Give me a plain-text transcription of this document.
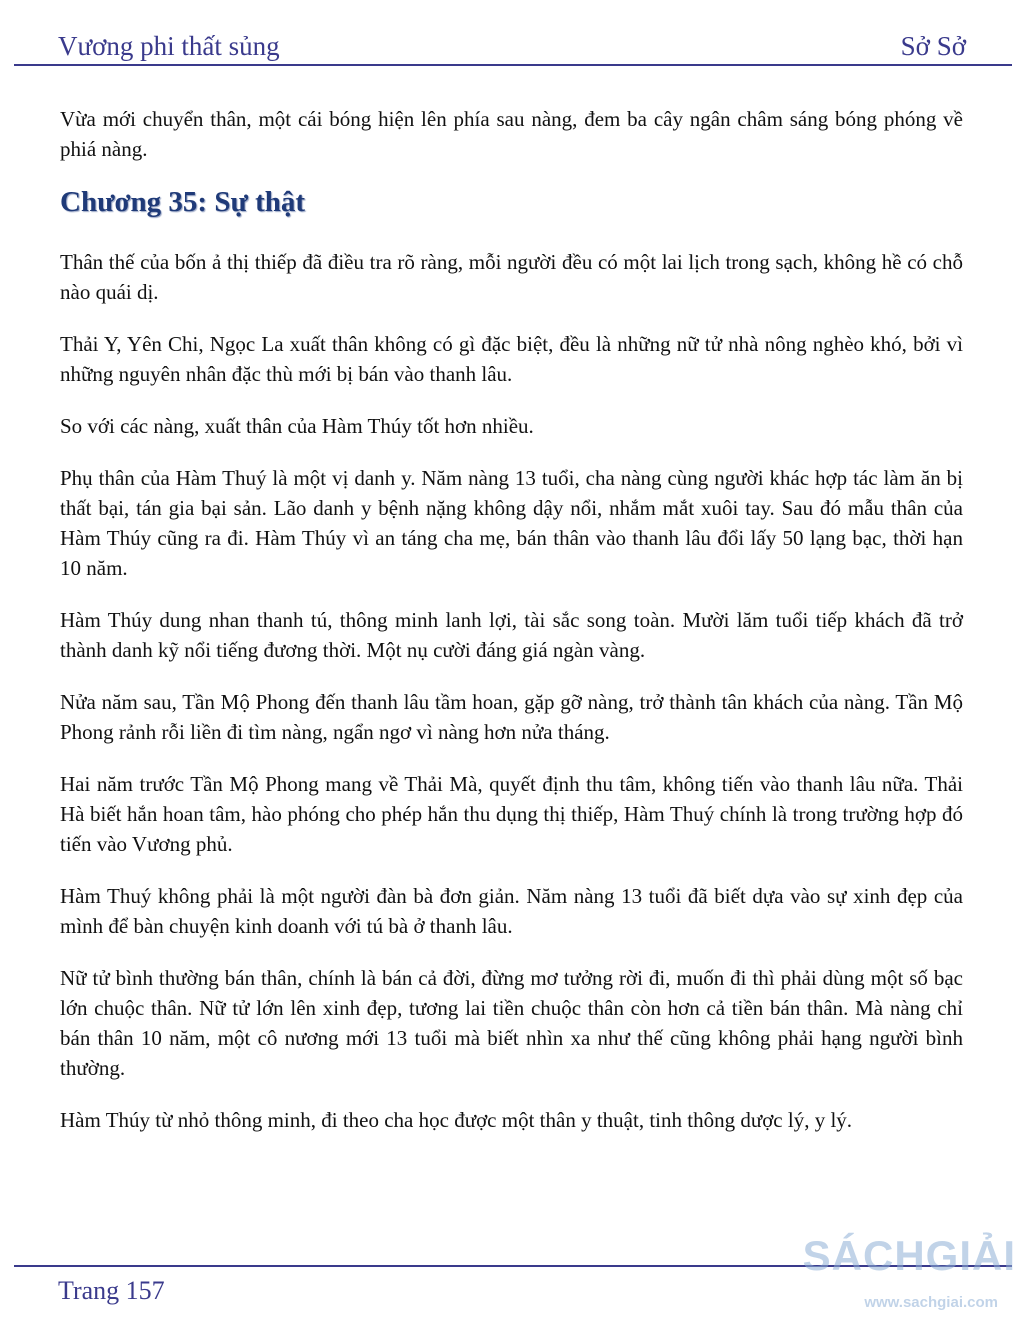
Vương phi thất sủng	Sở Sở

Vừa mới chuyển thân, một cái bóng hiện lên phía sau nàng, đem ba cây ngân châm sáng bóng phóng về phiá nàng.

Chương 35: Sự thật

Thân thế của bốn ả thị thiếp đã điều tra rõ ràng, mỗi người đều có một lai lịch trong sạch, không hề có chỗ nào quái dị.

Thải Y, Yên Chi, Ngọc La xuất thân không có gì đặc biệt, đều là những nữ tử nhà nông nghèo khó, bởi vì những nguyên nhân đặc thù mới bị bán vào thanh lâu.

So với các nàng, xuất thân của Hàm Thúy tốt hơn nhiều.

Phụ thân của Hàm Thuý là một vị danh y. Năm nàng 13 tuổi, cha nàng cùng người khác hợp tác làm ăn bị thất bại, tán gia bại sản. Lão danh y bệnh nặng không dậy nổi, nhắm mắt xuôi tay. Sau đó mẫu thân của Hàm Thúy cũng ra đi. Hàm Thúy vì an táng cha mẹ, bán thân vào thanh lâu đổi lấy 50 lạng bạc, thời hạn 10 năm.

Hàm Thúy dung nhan thanh tú, thông minh lanh lợi, tài sắc song toàn. Mười lăm tuổi tiếp khách đã trở thành danh kỹ nổi tiếng đương thời. Một nụ cười đáng giá ngàn vàng.

Nửa năm sau, Tần Mộ Phong đến thanh lâu tầm hoan, gặp gỡ nàng, trở thành tân khách của nàng. Tần Mộ Phong rảnh rỗi liền đi tìm nàng, ngẩn ngơ vì nàng hơn nửa tháng.

Hai năm trước Tần Mộ Phong mang về Thải Mà, quyết định thu tâm, không tiến vào thanh lâu nữa. Thải Hà biết hắn hoan tâm, hào phóng cho phép hắn thu dụng thị thiếp, Hàm Thuý chính là trong trường hợp đó tiến vào Vương phủ.

Hàm Thuý không phải là một người đàn bà đơn giản. Năm nàng 13 tuổi đã biết dựa vào sự xinh đẹp của mình để bàn chuyện kinh doanh với tú bà ở thanh lâu.

Nữ tử bình thường bán thân, chính là bán cả đời, đừng mơ tưởng rời đi, muốn đi thì phải dùng một số bạc lớn chuộc thân. Nữ tử lớn lên xinh đẹp, tương lai tiền chuộc thân còn hơn cả tiền bán thân. Mà nàng chỉ bán thân 10 năm, một cô nương mới 13 tuổi mà biết nhìn xa như thế cũng không phải hạng người bình thường.

Hàm Thúy từ nhỏ thông minh, đi theo cha học được một thân y thuật, tinh thông dược lý, y lý.

Trang 157
SÁCHGIẢI
www.sachgiai.com
